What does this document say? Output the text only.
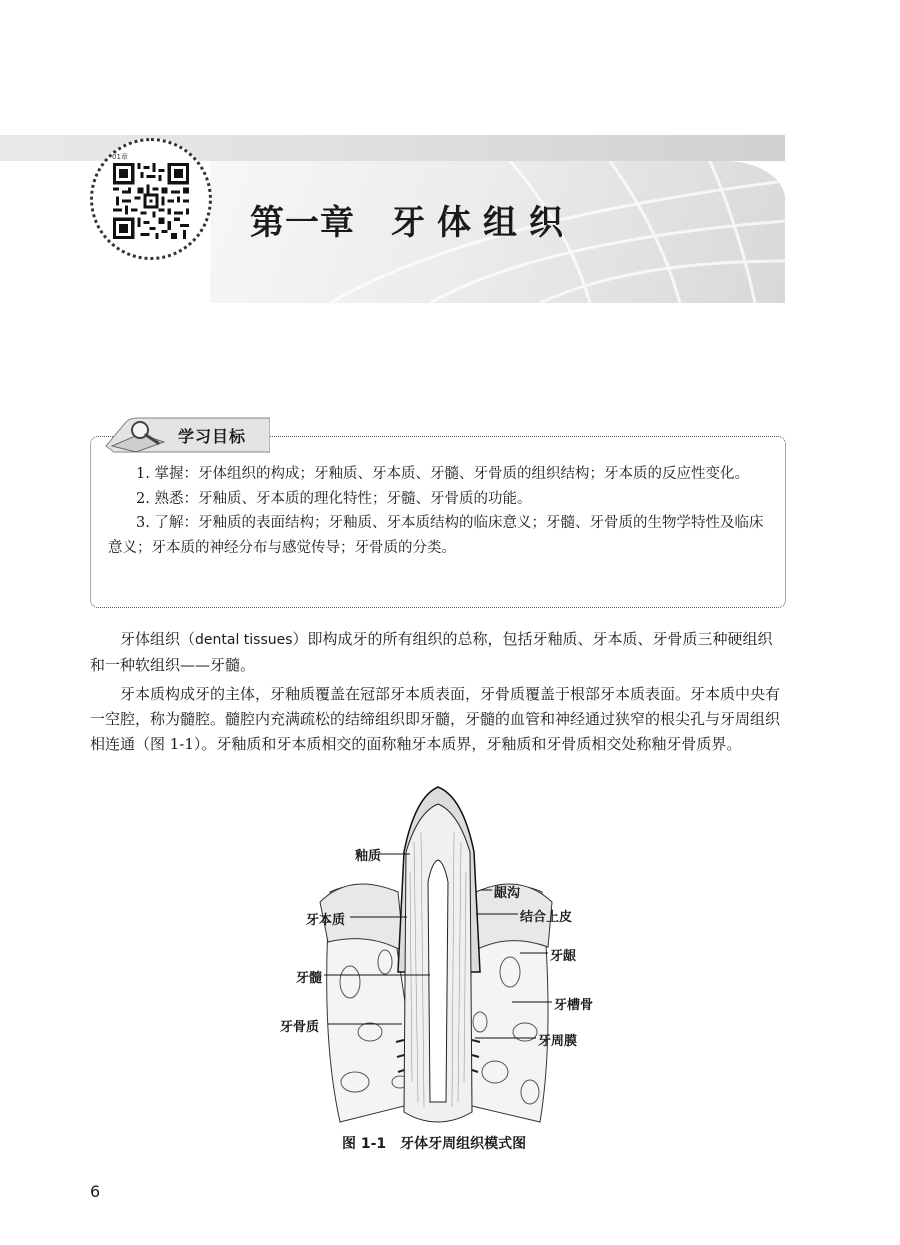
01章
第一章 牙体组织
学习目标

1. 掌握：牙体组织的构成；牙釉质、牙本质、牙髓、牙骨质的组织结构；牙本质的反应性变化。

2. 熟悉：牙釉质、牙本质的理化特性；牙髓、牙骨质的功能。

3. 了解：牙釉质的表面结构；牙釉质、牙本质结构的临床意义；牙髓、牙骨质的生物学特性及临床意义；牙本质的神经分布与感觉传导；牙骨质的分类。

牙体组织（dental tissues）即构成牙的所有组织的总称，包括牙釉质、牙本质、牙骨质三种硬组织和一种软组织——牙髓。

牙本质构成牙的主体，牙釉质覆盖在冠部牙本质表面，牙骨质覆盖于根部牙本质表面。牙本质中央有一空腔，称为髓腔。髓腔内充满疏松的结缔组织即牙髓，牙髓的血管和神经通过狭窄的根尖孔与牙周组织相连通（图 1-1）。牙釉质和牙本质相交的面称釉牙本质界，牙釉质和牙骨质相交处称釉牙骨质界。

釉质
牙本质
牙髓
牙骨质
龈沟
结合上皮
牙龈
牙槽骨
牙周膜
图 1-1 牙体牙周组织模式图
6
